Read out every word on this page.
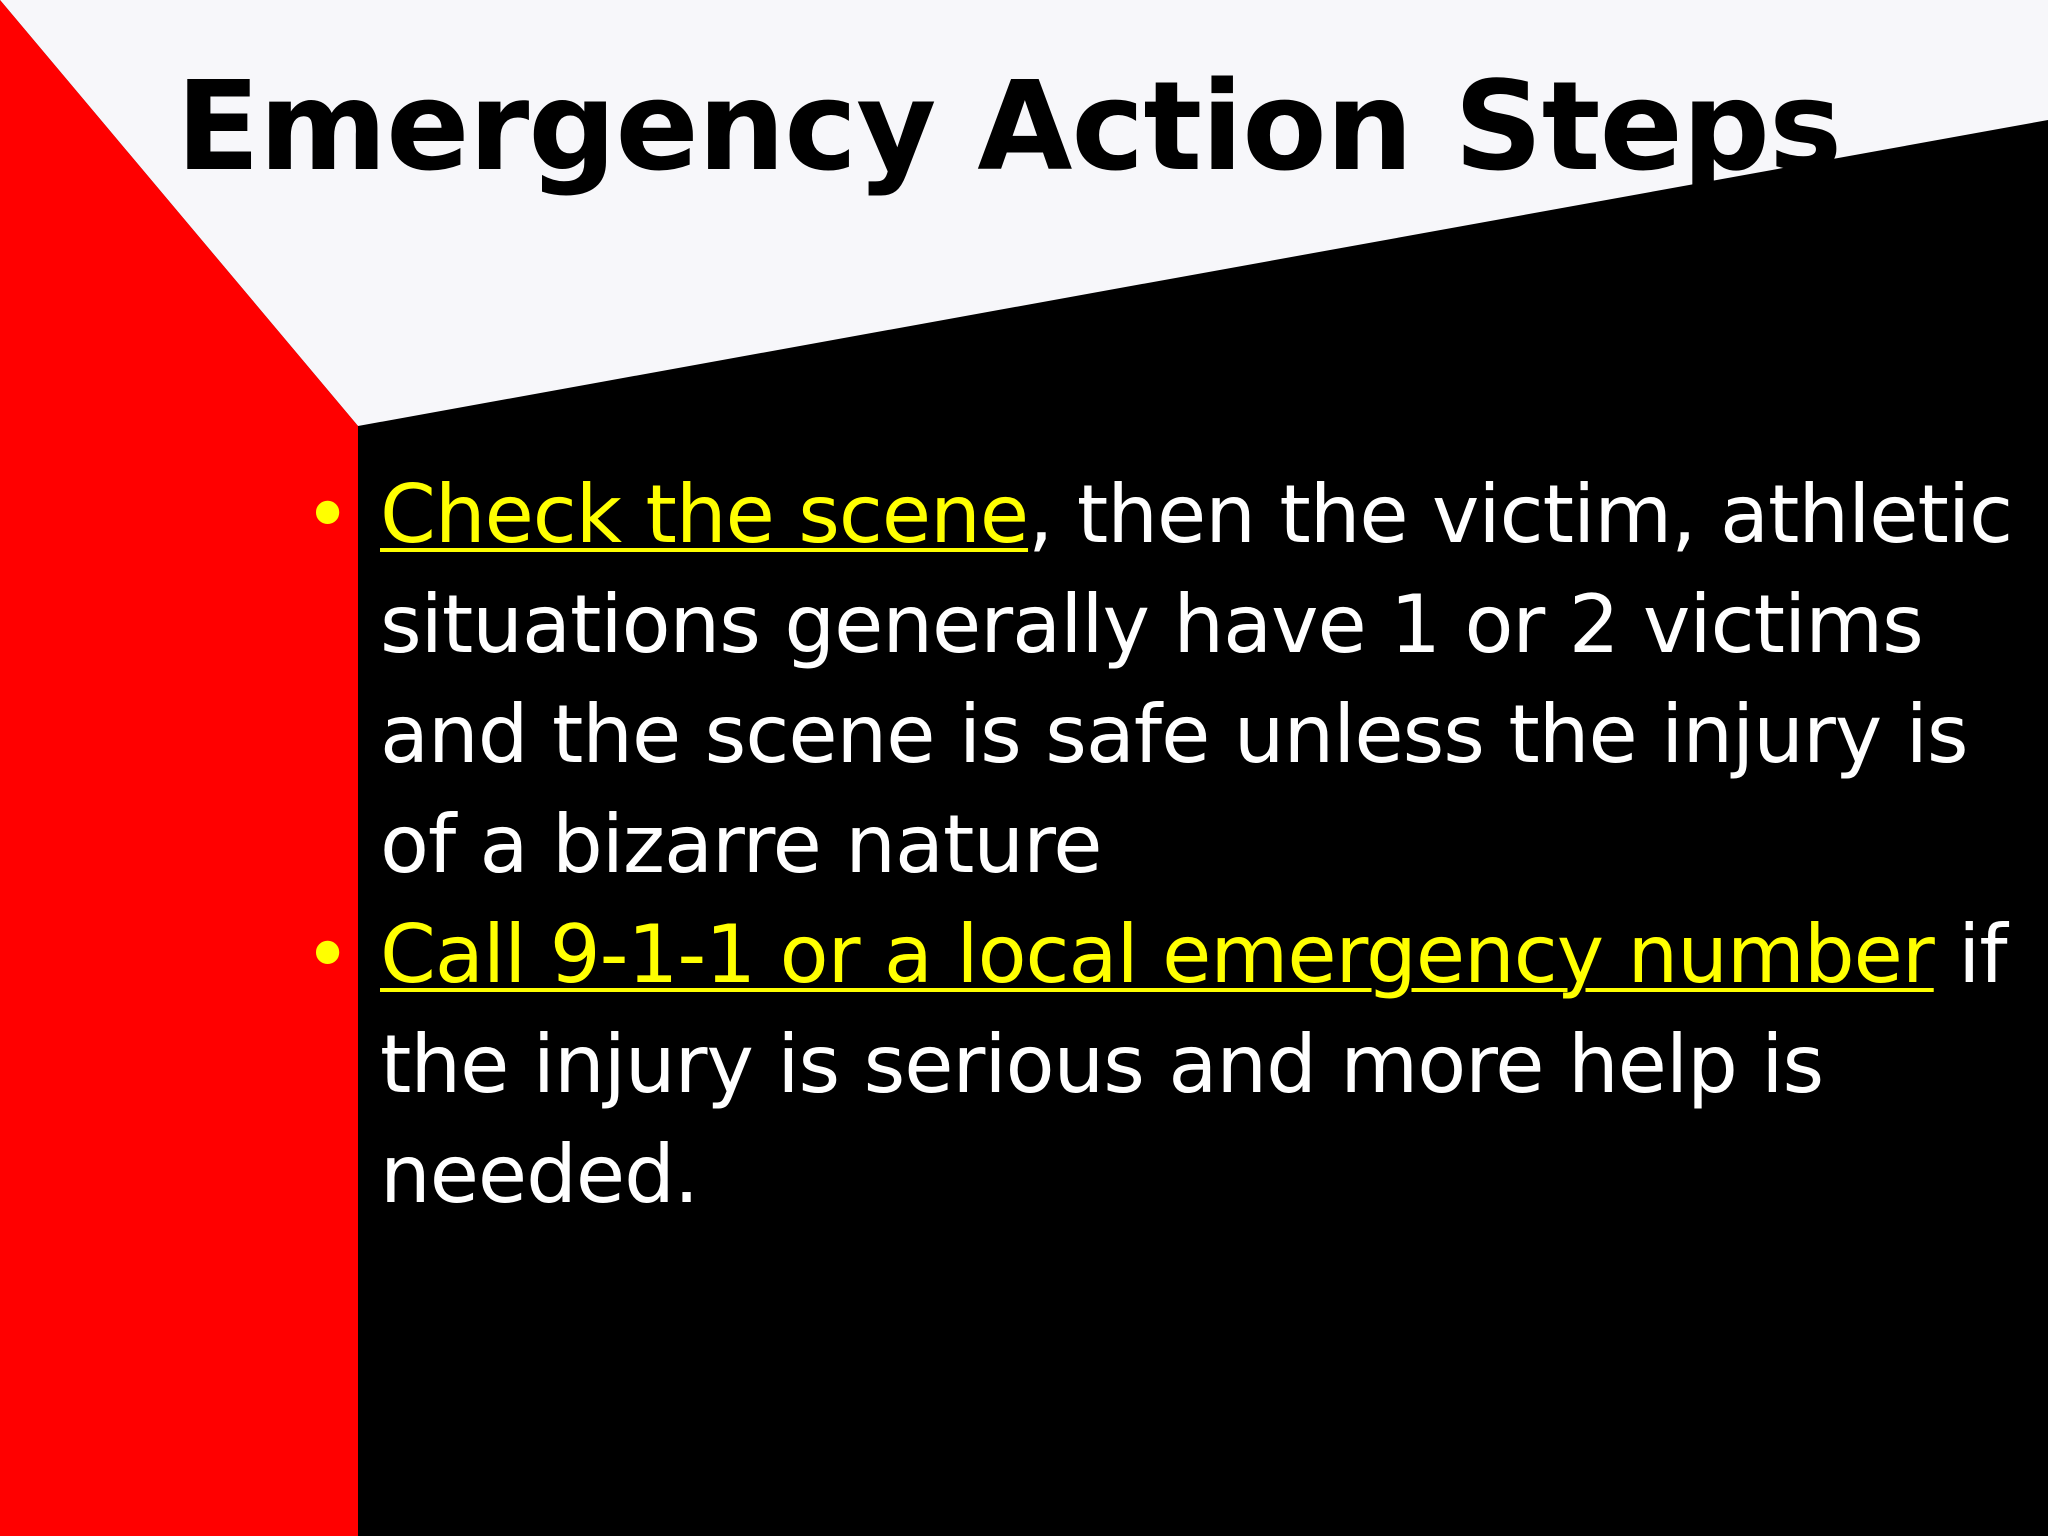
Emergency Action Steps
• Check the scene, then the victim, athletic situations generally have 1 or 2 victims and the scene is safe unless the injury is of a bizarre nature
• Call 9-1-1 or a local emergency number if the injury is serious and more help is needed.
